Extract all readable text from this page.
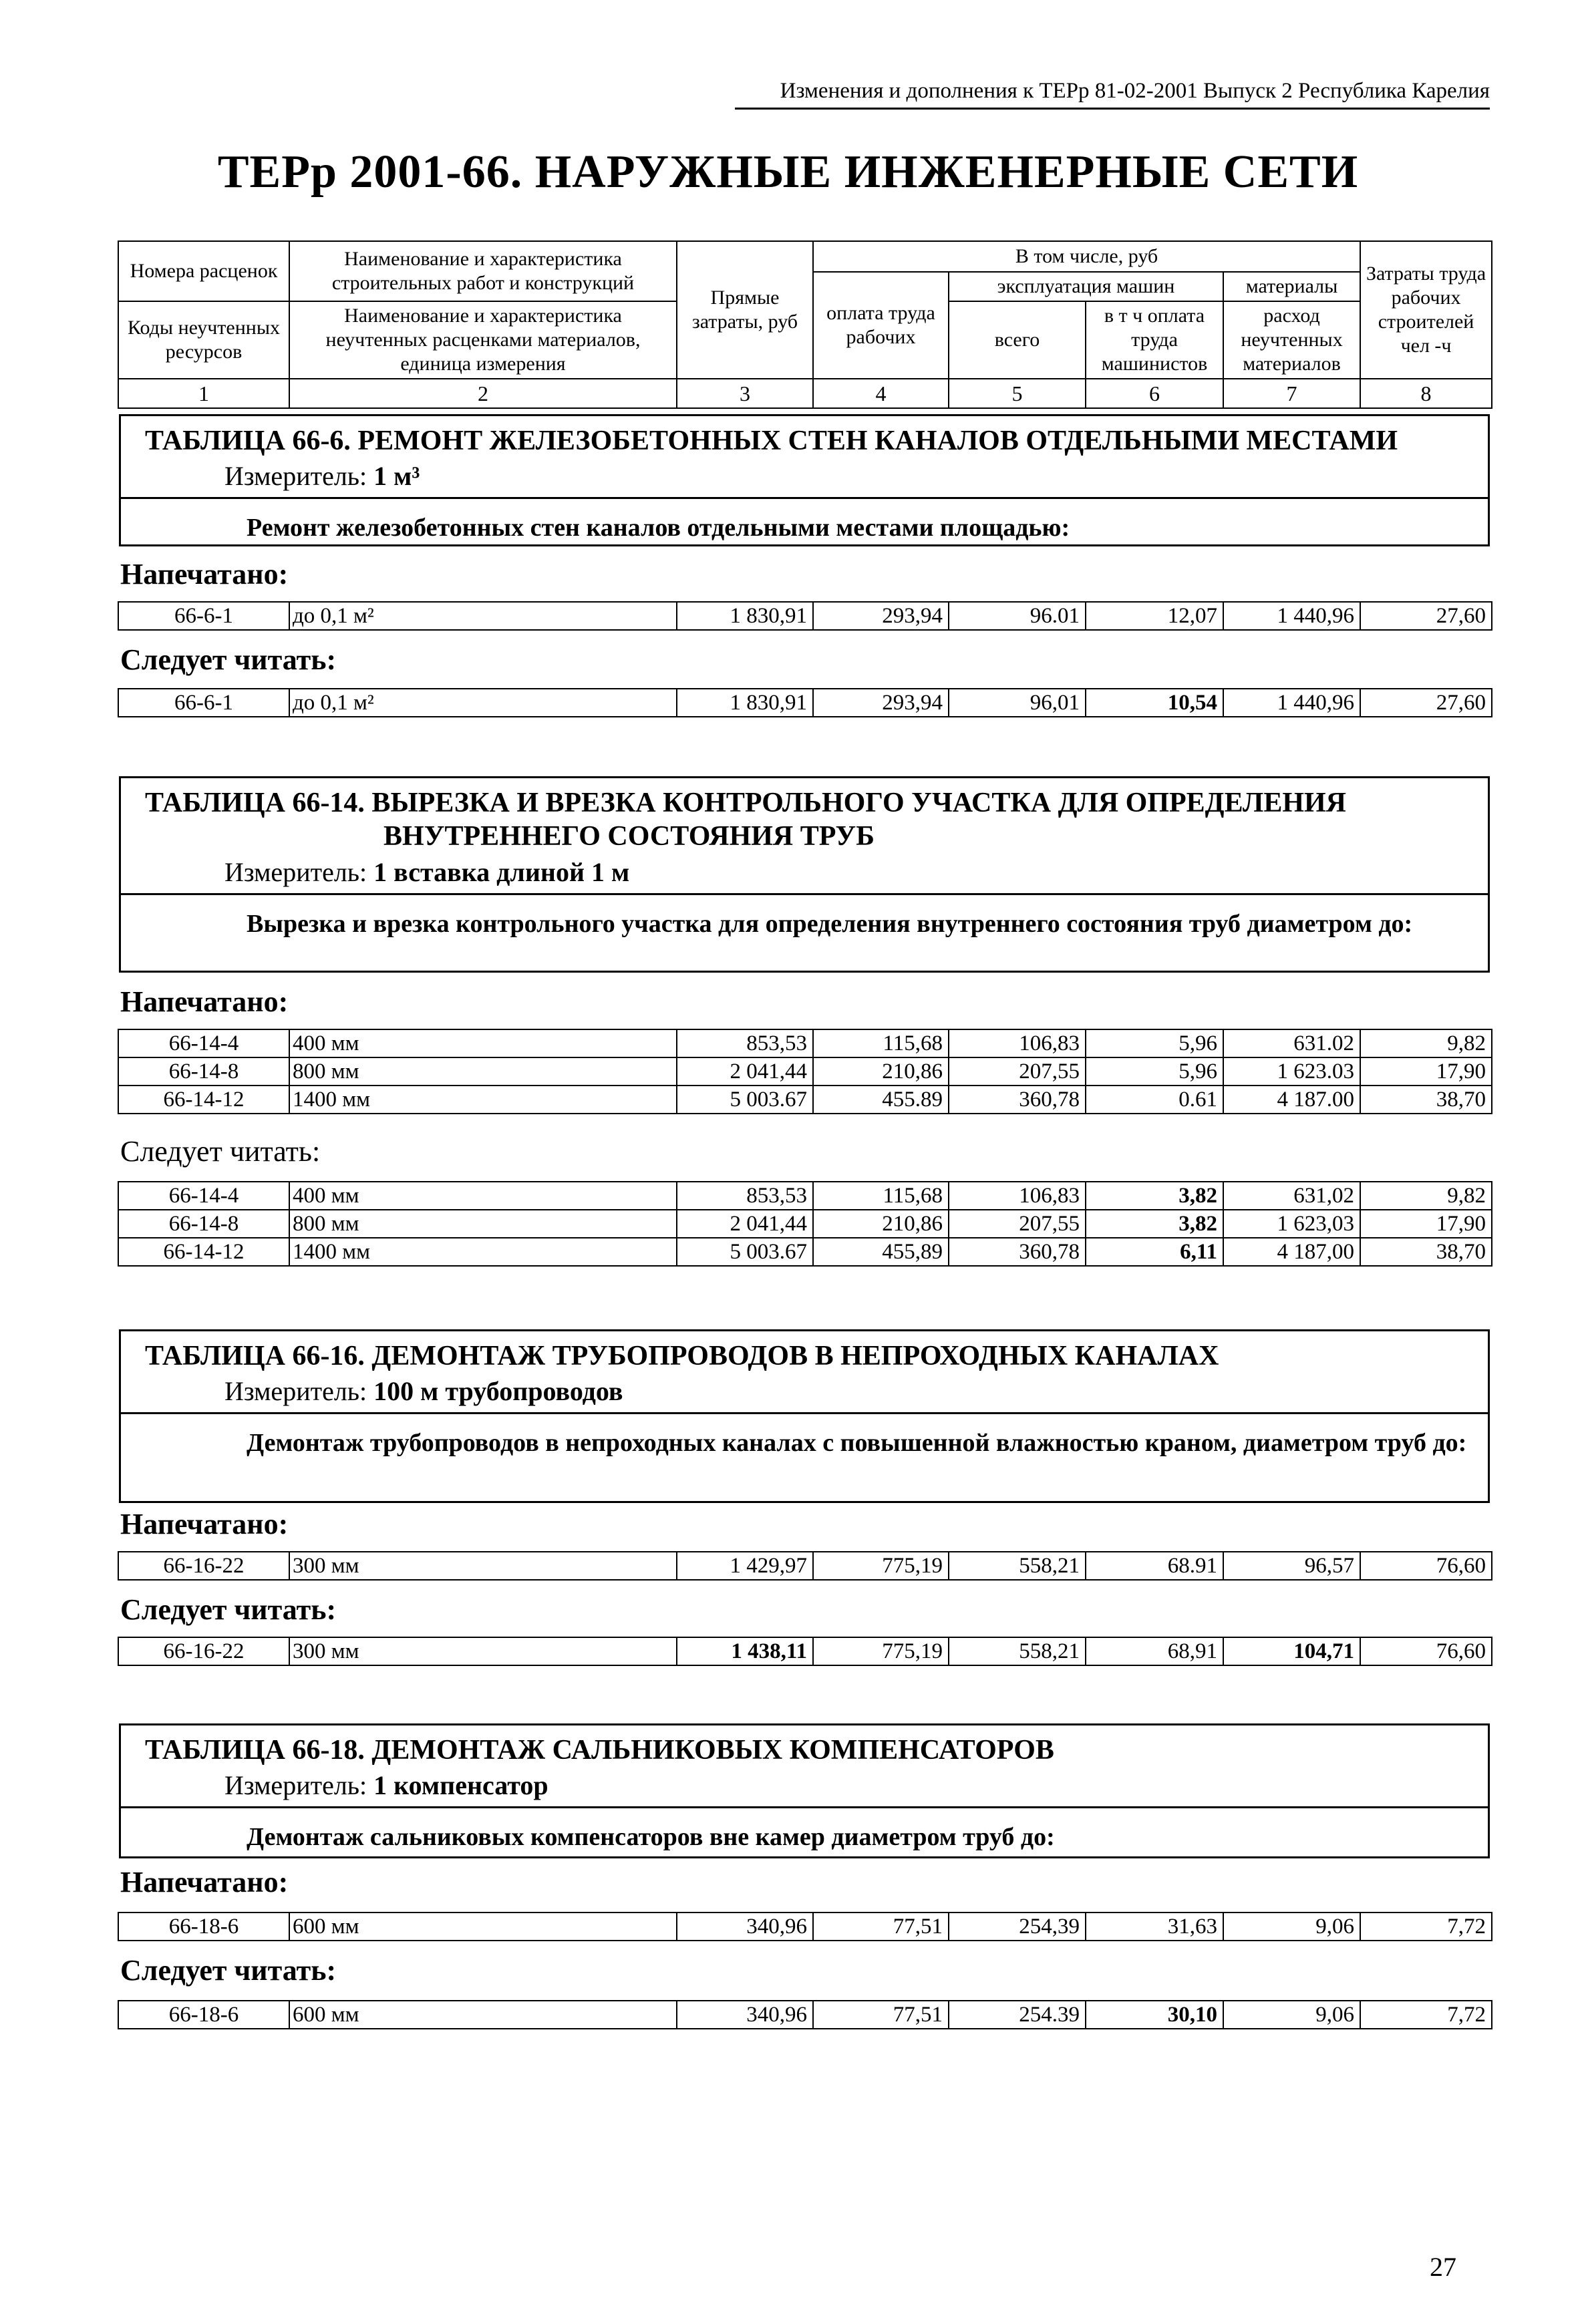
Изменения и дополнения к ТЕРр 81-02-2001 Выпуск 2 Республика Карелия
ТЕРр 2001-66. НАРУЖНЫЕ ИНЖЕНЕРНЫЕ СЕТИ
Номера расценок	Наименование и характеристика строительных работ и конструкций	Прямые затраты, руб	В том числе, руб				Затраты труда рабочих строителей чел -ч
			оплата труда рабочих	эксплуатация машин		материалы	
Коды неучтенных ресурсов	Наименование и характеристика неучтенных расценками материалов, единица измерения			всего	в т ч оплата труда машинистов	расход неучтенных материалов	

1	2	3	4	5	6	7	8
ТАБЛИЦА 66-6. РЕМОНТ ЖЕЛЕЗОБЕТОННЫХ СТЕН КАНАЛОВ ОТДЕЛЬНЫМИ МЕСТАМИ
Измеритель: 1 м³
Ремонт железобетонных стен каналов отдельными местами площадью:
Напечатано:
66-6-1	до 0,1 м²	1 830,91	293,94	96.01	12,07	1 440,96	27,60
Следует читать:
66-6-1	до 0,1 м²	1 830,91	293,94	96,01	10,54	1 440,96	27,60
ТАБЛИЦА 66-14. ВЫРЕЗКА И ВРЕЗКА КОНТРОЛЬНОГО УЧАСТКА ДЛЯ ОПРЕДЕЛЕНИЯ
ВНУТРЕННЕГО СОСТОЯНИЯ ТРУБ
Измеритель: 1 вставка длиной 1 м
Вырезка и врезка контрольного участка для определения внутреннего состояния труб диаметром до:
Напечатано:
66-14-4	400 мм	853,53	115,68	106,83	5,96	631.02	9,82
66-14-8	800 мм	2 041,44	210,86	207,55	5,96	1 623.03	17,90
66-14-12	1400 мм	5 003.67	455.89	360,78	0.61	4 187.00	38,70
Следует читать:
66-14-4	400 мм	853,53	115,68	106,83	3,82	631,02	9,82
66-14-8	800 мм	2 041,44	210,86	207,55	3,82	1 623,03	17,90
66-14-12	1400 мм	5 003.67	455,89	360,78	6,11	4 187,00	38,70
ТАБЛИЦА 66-16. ДЕМОНТАЖ ТРУБОПРОВОДОВ В НЕПРОХОДНЫХ КАНАЛАХ
Измеритель: 100 м трубопроводов
Демонтаж трубопроводов в непроходных каналах с повышенной влажностью краном, диаметром труб до:
Напечатано:
66-16-22	300 мм	1 429,97	775,19	558,21	68.91	96,57	76,60
Следует читать:
66-16-22	300 мм	1 438,11	775,19	558,21	68,91	104,71	76,60
ТАБЛИЦА 66-18. ДЕМОНТАЖ САЛЬНИКОВЫХ КОМПЕНСАТОРОВ
Измеритель: 1 компенсатор
Демонтаж сальниковых компенсаторов вне камер диаметром труб до:
Напечатано:
66-18-6	600 мм	340,96	77,51	254,39	31,63	9,06	7,72
Следует читать:
66-18-6	600 мм	340,96	77,51	254.39	30,10	9,06	7,72
27
